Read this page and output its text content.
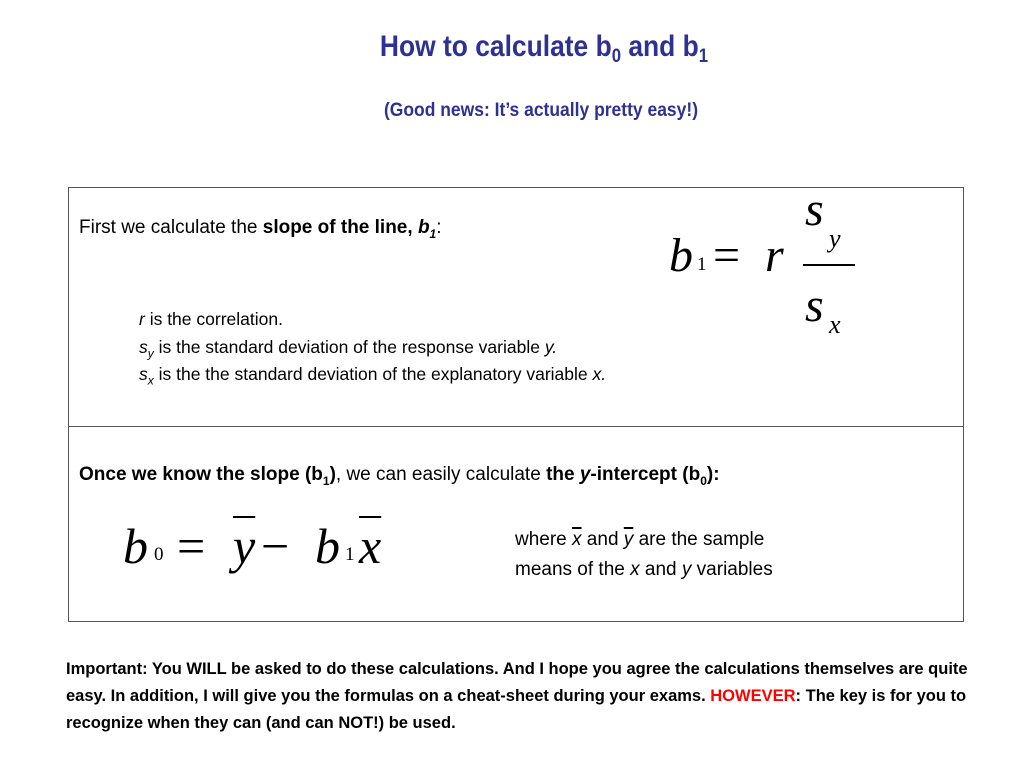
How to calculate $b_0$ and $b_1$
(Good news: It’s actually pretty easy!)
First we calculate the slope of the line, $b_1$:
b 1 = r
s
y
s x
r is the correlation.
$s_y$ is the standard deviation of the response variable y.
$s_x$ is the the standard deviation of the explanatory variable x.
Once we know the slope $(b_1)$, we can easily calculate the y-intercept $(b_0)$:
b $0 = \overline{y} - b$ 1 $\overline{x}$	where $\overline{x}$ and $\overline{y}$ are the sample
means of the x and y variables
Important: You WILL be asked to do these calculations. And I hope you agree the calculations themselves are quite easy. In addition, I will give you the formulas on a cheat-sheet during your exams. HOWEVER: The key is for you to recognize when they can (and can NOT!) be used.
